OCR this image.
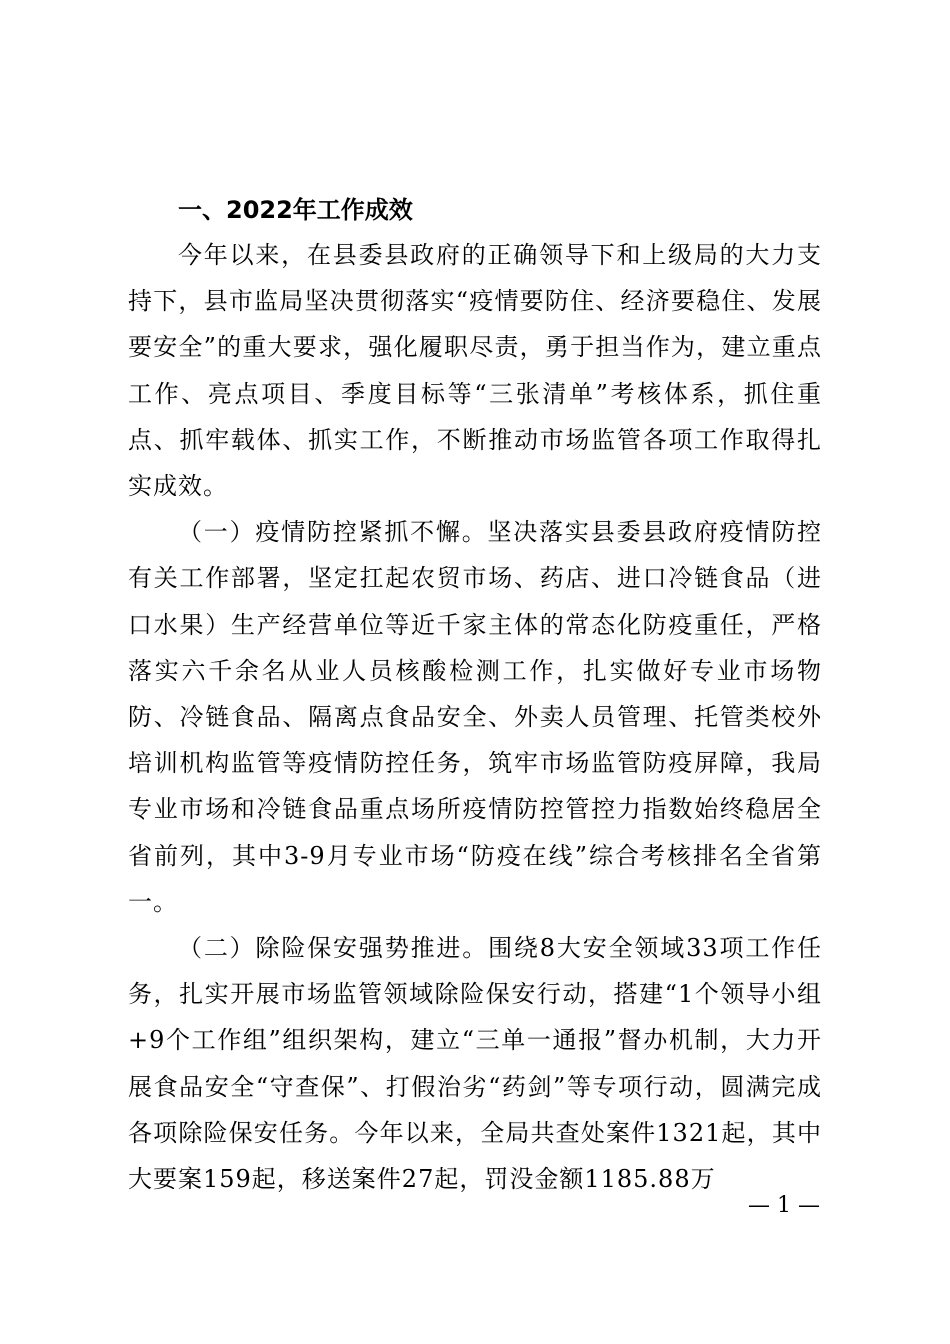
一、2022年工作成效

今年以来，在县委县政府的正确领导下和上级局的大力支持下，县市监局坚决贯彻落实“疫情要防住、经济要稳住、发展要安全”的重大要求，强化履职尽责，勇于担当作为，建立重点工作、亮点项目、季度目标等“三张清单”考核体系，抓住重点、抓牢载体、抓实工作，不断推动市场监管各项工作取得扎实成效。

（一）疫情防控紧抓不懈。坚决落实县委县政府疫情防控有关工作部署，坚定扛起农贸市场、药店、进口冷链食品（进口水果）生产经营单位等近千家主体的常态化防疫重任，严格落实六千余名从业人员核酸检测工作，扎实做好专业市场物防、冷链食品、隔离点食品安全、外卖人员管理、托管类校外培训机构监管等疫情防控任务，筑牢市场监管防疫屏障，我局专业市场和冷链食品重点场所疫情防控管控力指数始终稳居全省前列，其中3-9月专业市场“防疫在线”综合考核排名全省第一。

（二）除险保安强势推进。围绕8大安全领域33项工作任务，扎实开展市场监管领域除险保安行动，搭建“1个领导小组+9个工作组”组织架构，建立“三单一通报”督办机制，大力开展食品安全“守查保”、打假治劣“药剑”等专项行动，圆满完成各项除险保安任务。今年以来，全局共查处案件1321起，其中大要案159起，移送案件27起，罚没金额1185.88万

— 1 —
